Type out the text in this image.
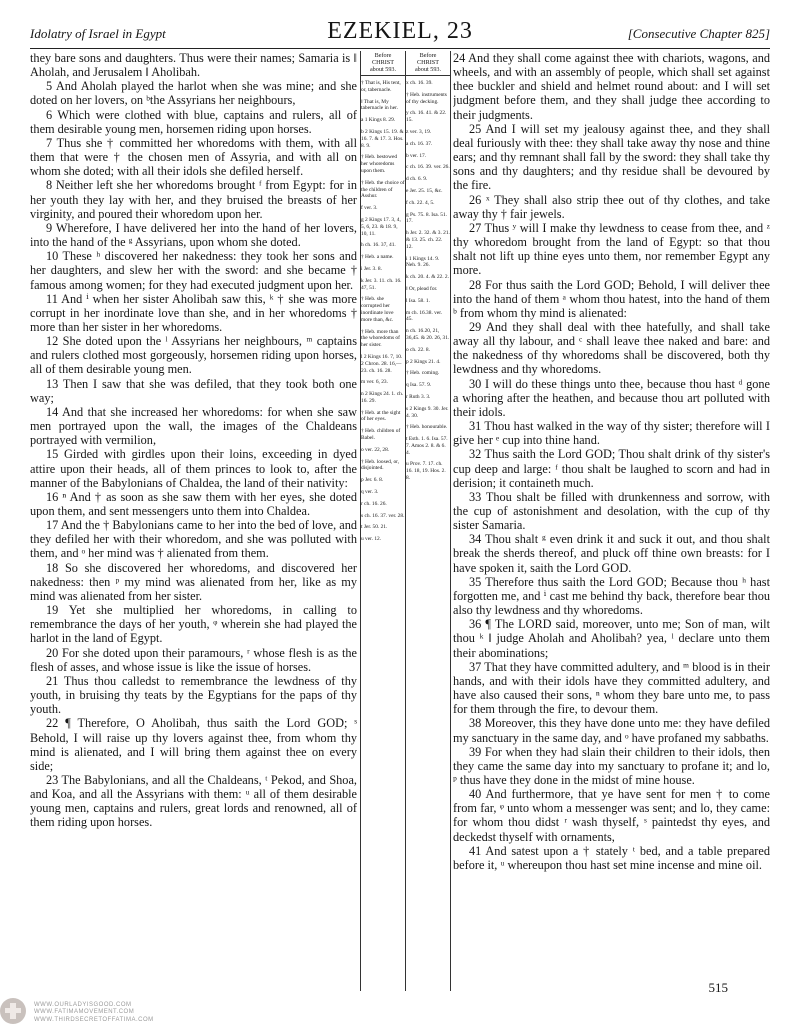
Idolatry of Israel in Egypt	EZEKIEL, 23	[Consecutive Chapter 825]

they bare sons and daughters. Thus were their names; Samaria is ‖ Aholah, and Jerusalem ‖ Aholibah.

5 And Aholah played the harlot when she was mine; and she doted on her lovers, on ᵇthe Assyrians her neighbours,

6 Which were clothed with blue, captains and rulers, all of them desirable young men, horsemen riding upon horses.

7 Thus she † committed her whoredoms with them, with all them that were † the chosen men of Assyria, and with all on whom she doted; with all their idols she defiled herself.

8 Neither left she her whoredoms brought ᶠ from Egypt: for in her youth they lay with her, and they bruised the breasts of her virginity, and poured their whoredom upon her.

9 Wherefore, I have delivered her into the hand of her lovers, into the hand of the ᵍ Assyrians, upon whom she doted.

10 These ʰ discovered her nakedness: they took her sons and her daughters, and slew her with the sword: and she became † famous among women; for they had executed judgment upon her.

11 And ⁱ when her sister Aholibah saw this, ᵏ † she was more corrupt in her inordinate love than she, and in her whoredoms † more than her sister in her whoredoms.

12 She doted upon the ˡ Assyrians her neighbours, ᵐ captains and rulers clothed most gorgeously, horsemen riding upon horses, all of them desirable young men.

13 Then I saw that she was defiled, that they took both one way;

14 And that she increased her whoredoms: for when she saw men portrayed upon the wall, the images of the Chaldeans portrayed with vermilion,

15 Girded with girdles upon their loins, exceeding in dyed attire upon their heads, all of them princes to look to, after the manner of the Babylonians of Chaldea, the land of their nativity:

16 ⁿ And † as soon as she saw them with her eyes, she doted upon them, and sent messengers unto them into Chaldea.

17 And the † Babylonians came to her into the bed of love, and they defiled her with their whoredom, and she was polluted with them, and ᵒ her mind was † alienated from them.

18 So she discovered her whoredoms, and discovered her nakedness: then ᵖ my mind was alienated from her, like as my mind was alienated from her sister.

19 Yet she multiplied her whoredoms, in calling to remembrance the days of her youth, ᵠ wherein she had played the harlot in the land of Egypt.

20 For she doted upon their paramours, ʳ whose flesh is as the flesh of asses, and whose issue is like the issue of horses.

21 Thus thou calledst to remembrance the lewdness of thy youth, in bruising thy teats by the Egyptians for the paps of thy youth.

22 ¶ Therefore, O Aholibah, thus saith the Lord GOD; ˢ Behold, I will raise up thy lovers against thee, from whom thy mind is alienated, and I will bring them against thee on every side;

23 The Babylonians, and all the Chaldeans, ᵗ Pekod, and Shoa, and Koa, and all the Assyrians with them: ᵘ all of them desirable young men, captains and rulers, great lords and renowned, all of them riding upon horses.

Before
CHRIST
about 593.
† That is, His tent, or, tabernacle.
‖ That is, My tabernacle in her.
a 1 Kings 8. 29.
b 2 Kings 15. 19. & 16. 7. & 17. 3. Hos. 8. 9.
† Heb. bestowed her whoredoms upon them.
† Heb. the choice of the children of Asshur.
f ver. 3.
g 2 Kings 17. 3, 4, 5, 6, 23. & 18. 9, 10, 11.
h ch. 16. 37, 41.
† Heb. a name.
i Jer. 3. 8.
k Jer. 3. 11. ch. 16. 47, 51.
† Heb. she corrupted her inordinate love more than, &c.
† Heb. more than the whoredoms of her sister.
l 2 Kings 16. 7, 10. 2 Chron. 28. 16,—23. ch. 16. 28.
m ver. 6, 23.
n 2 Kings 24. 1. ch. 16. 29.
† Heb. at the sight of her eyes.
† Heb. children of Babel.
o ver. 22, 28.
† Heb. loosed, or, disjointed.
p Jer. 6. 8.
q ver. 3.
r ch. 16. 26.
s ch. 16. 37. ver. 28.
t Jer. 50. 21.
u ver. 12.
Before
CHRIST
about 593.
x ch. 16. 39.
† Heb. instruments of thy decking.
y ch. 16. 41. & 22. 15.
z ver. 3, 19.
a ch. 16. 37.
b ver. 17.
c ch. 16. 39. ver. 26.
d ch. 6. 9.
e Jer. 25. 15, &c.
f ch. 22. 4, 5.
g Ps. 75. 8. Isa. 51. 17.
h Jer. 2. 32. & 3. 21. & 13. 25. ch. 22. 12.
i 1 Kings 14. 9. Neh. 9. 26.
k ch. 20. 4. & 22. 2.
‖ Or, plead for.
l Isa. 58. 1.
m ch. 16.38. ver. 45.
n ch. 16.20, 21, 36,45. & 20. 26, 31.
o ch. 22. 8.
p 2 Kings 21. 4.
† Heb. coming.
q Isa. 57. 9.
r Ruth 3. 3.
s 2 Kings 9. 30. Jer. 4. 30.
† Heb. honourable.
t Esth. 1. 6. Isa. 57. 7. Amos 2. 8. & 6. 4.
u Prov. 7. 17. ch. 16. 18, 19. Hos. 2. 8.

24 And they shall come against thee with chariots, wagons, and wheels, and with an assembly of people, which shall set against thee buckler and shield and helmet round about: and I will set judgment before them, and they shall judge thee according to their judgments.

25 And I will set my jealousy against thee, and they shall deal furiously with thee: they shall take away thy nose and thine ears; and thy remnant shall fall by the sword: they shall take thy sons and thy daughters; and thy residue shall be devoured by the fire.

26 ˣ They shall also strip thee out of thy clothes, and take away thy † fair jewels.

27 Thus ʸ will I make thy lewdness to cease from thee, and ᶻ thy whoredom brought from the land of Egypt: so that thou shalt not lift up thine eyes unto them, nor remember Egypt any more.

28 For thus saith the Lord GOD; Behold, I will deliver thee into the hand of them ᵃ whom thou hatest, into the hand of them ᵇ from whom thy mind is alienated:

29 And they shall deal with thee hatefully, and shall take away all thy labour, and ᶜ shall leave thee naked and bare: and the nakedness of thy whoredoms shall be discovered, both thy lewdness and thy whoredoms.

30 I will do these things unto thee, because thou hast ᵈ gone a whoring after the heathen, and because thou art polluted with their idols.

31 Thou hast walked in the way of thy sister; therefore will I give her ᵉ cup into thine hand.

32 Thus saith the Lord GOD; Thou shalt drink of thy sister's cup deep and large: ᶠ thou shalt be laughed to scorn and had in derision; it containeth much.

33 Thou shalt be filled with drunkenness and sorrow, with the cup of astonishment and desolation, with the cup of thy sister Samaria.

34 Thou shalt ᵍ even drink it and suck it out, and thou shalt break the sherds thereof, and pluck off thine own breasts: for I have spoken it, saith the Lord GOD.

35 Therefore thus saith the Lord GOD; Because thou ʰ hast forgotten me, and ⁱ cast me behind thy back, therefore bear thou also thy lewdness and thy whoredoms.

36 ¶ The LORD said, moreover, unto me; Son of man, wilt thou ᵏ ‖ judge Aholah and Aholibah? yea, ˡ declare unto them their abominations;

37 That they have committed adultery, and ᵐ blood is in their hands, and with their idols have they committed adultery, and have also caused their sons, ⁿ whom they bare unto me, to pass for them through the fire, to devour them.

38 Moreover, this they have done unto me: they have defiled my sanctuary in the same day, and ᵒ have profaned my sabbaths.

39 For when they had slain their children to their idols, then they came the same day into my sanctuary to profane it; and lo, ᵖ thus have they done in the midst of mine house.

40 And furthermore, that ye have sent for men † to come from far, ᵠ unto whom a messenger was sent; and lo, they came: for whom thou didst ʳ wash thyself, ˢ paintedst thy eyes, and deckedst thyself with ornaments,

41 And satest upon a † stately ᵗ bed, and a table prepared before it, ᵘ whereupon thou hast set mine incense and mine oil.

515
WWW.OURLADYISGOOD.COM
WWW.FATIMAMOVEMENT.COM
WWW.THIRDSECRETOFFATIMA.COM
